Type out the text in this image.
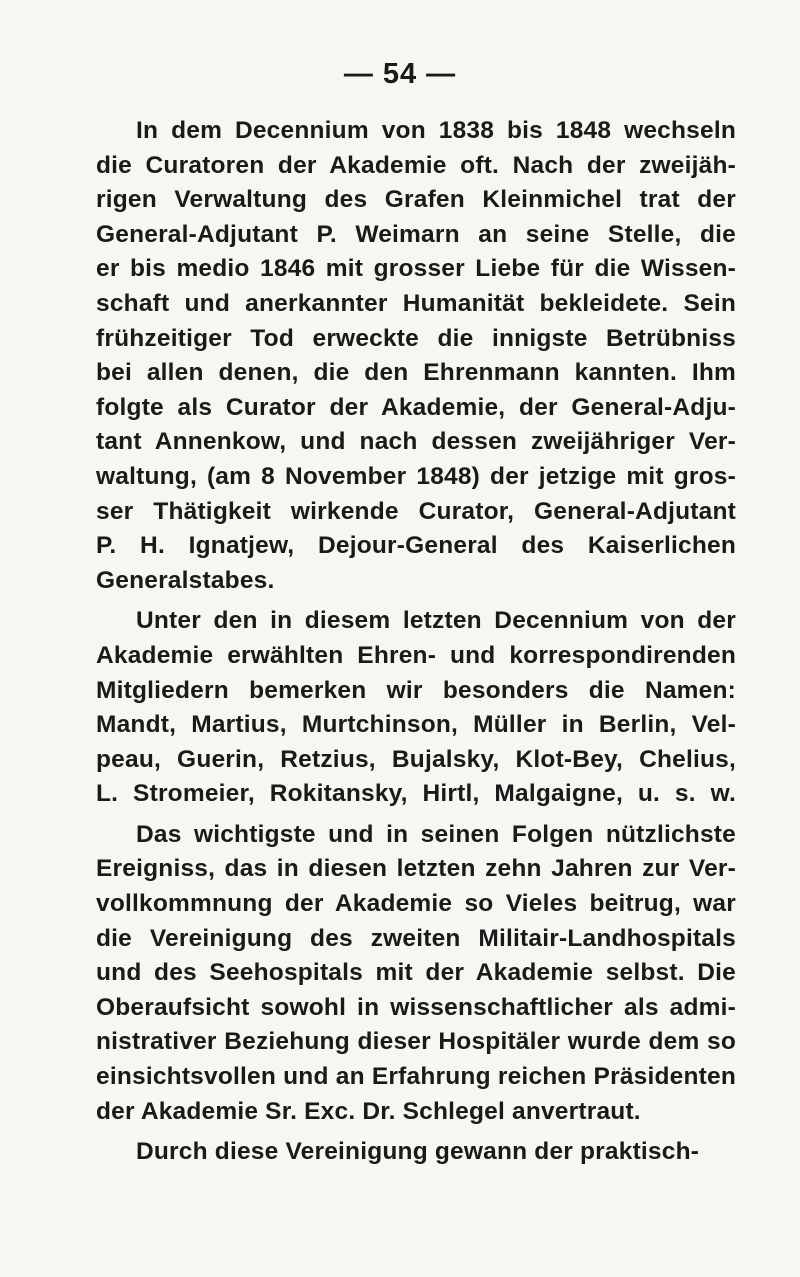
— 54 —
In dem Decennium von 1838 bis 1848 wechseln
die Curatoren der Akademie oft. Nach der zweijäh-
rigen Verwaltung des Grafen Kleinmichel trat der
General-Adjutant P. Weimarn an seine Stelle, die
er bis medio 1846 mit grosser Liebe für die Wissen-
schaft und anerkannter Humanität bekleidete. Sein
frühzeitiger Tod erweckte die innigste Betrübniss
bei allen denen, die den Ehrenmann kannten. Ihm
folgte als Curator der Akademie, der General-Adju-
tant Annenkow, und nach dessen zweijähriger Ver-
waltung, (am 8 November 1848) der jetzige mit gros-
ser Thätigkeit wirkende Curator, General-Adjutant
P. H. Ignatjew, Dejour-General des Kaiserlichen
Generalstabes.
Unter den in diesem letzten Decennium von der
Akademie erwählten Ehren- und korrespondirenden
Mitgliedern bemerken wir besonders die Namen:
Mandt, Martius, Murtchinson, Müller in Berlin, Vel-
peau, Guerin, Retzius, Bujalsky, Klot-Bey, Chelius,
L. Stromeier, Rokitansky, Hirtl, Malgaigne, u. s. w.
Das wichtigste und in seinen Folgen nützlichste
Ereigniss, das in diesen letzten zehn Jahren zur Ver-
vollkommnung der Akademie so Vieles beitrug, war
die Vereinigung des zweiten Militair-Landhospitals
und des Seehospitals mit der Akademie selbst. Die
Oberaufsicht sowohl in wissenschaftlicher als admi-
nistrativer Beziehung dieser Hospitäler wurde dem so
einsichtsvollen und an Erfahrung reichen Präsidenten
der Akademie Sr. Exc. Dr. Schlegel anvertraut.
Durch diese Vereinigung gewann der praktisch-
